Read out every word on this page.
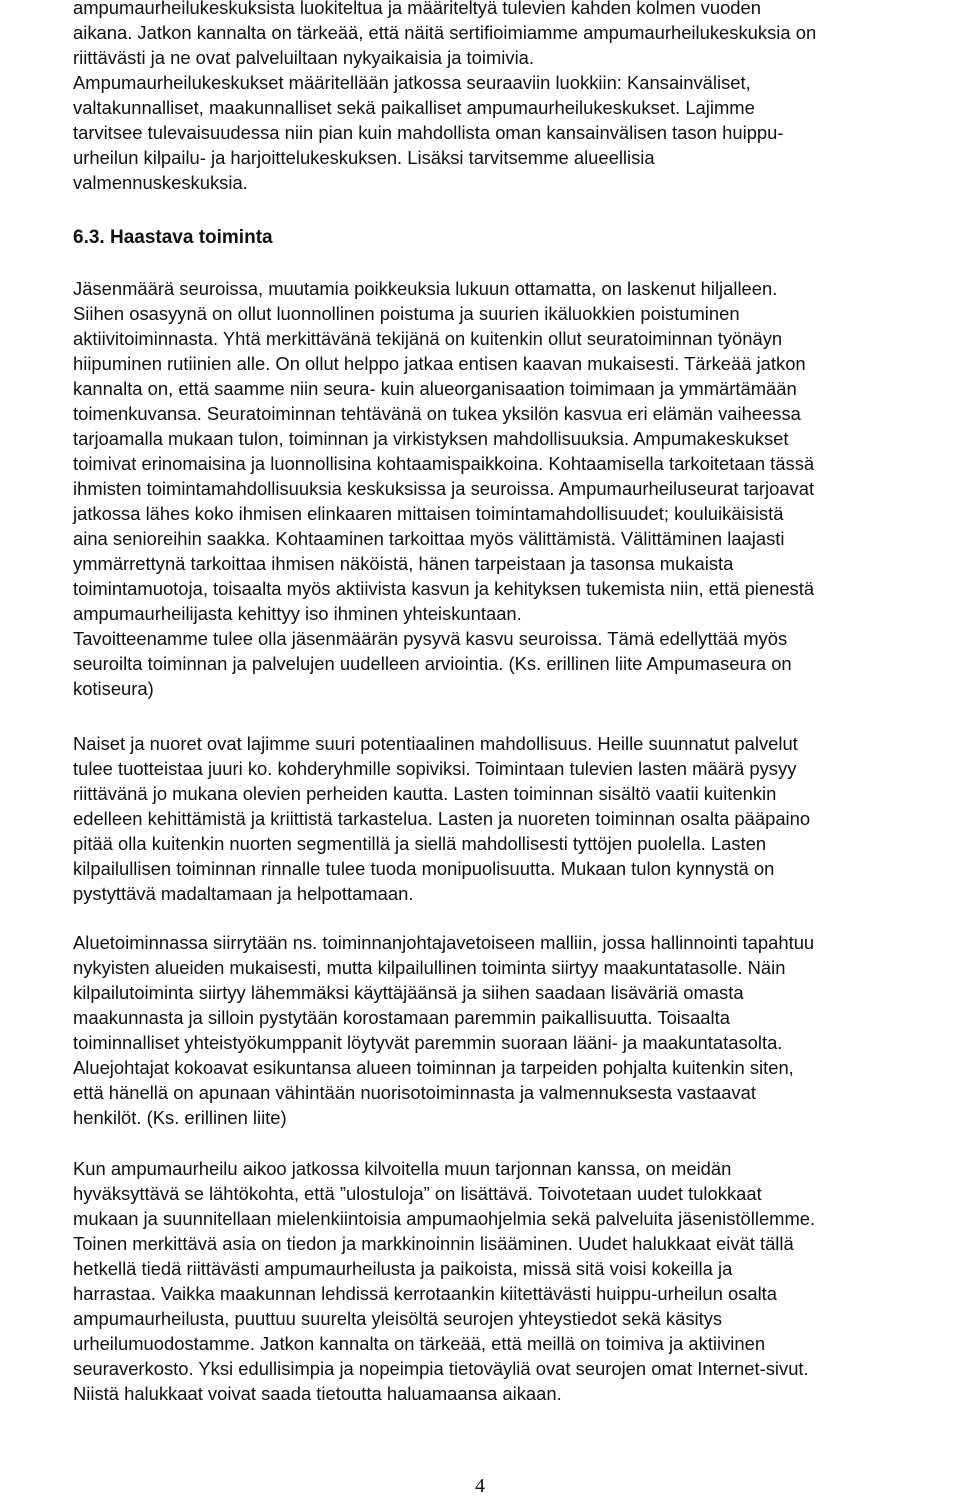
ampumaurheilukeskuksista luokiteltua ja määriteltyä tulevien kahden kolmen vuoden
aikana. Jatkon kannalta on tärkeää, että näitä sertifioimiamme ampumaurheilukeskuksia on
riittävästi ja ne ovat palveluiltaan nykyaikaisia ja toimivia.
Ampumaurheilukeskukset määritellään jatkossa seuraaviin luokkiin: Kansainväliset,
valtakunnalliset, maakunnalliset sekä paikalliset ampumaurheilukeskukset. Lajimme
tarvitsee tulevaisuudessa niin pian kuin mahdollista oman kansainvälisen tason huippu-
urheilun kilpailu- ja harjoittelukeskuksen. Lisäksi tarvitsemme alueellisia
valmennuskeskuksia.
6.3. Haastava toiminta
Jäsenmäärä seuroissa, muutamia poikkeuksia lukuun ottamatta, on laskenut hiljalleen.
Siihen osasyynä on ollut luonnollinen poistuma ja suurien ikäluokkien poistuminen
aktiivitoiminnasta. Yhtä merkittävänä tekijänä on kuitenkin ollut seuratoiminnan työnäyn
hiipuminen rutiinien alle. On ollut helppo jatkaa entisen kaavan mukaisesti. Tärkeää jatkon
kannalta on, että saamme niin seura- kuin alueorganisaation toimimaan ja ymmärtämään
toimenkuvansa. Seuratoiminnan tehtävänä on tukea yksilön kasvua eri elämän vaiheessa
tarjoamalla mukaan tulon, toiminnan ja virkistyksen mahdollisuuksia. Ampumakeskukset
toimivat erinomaisina ja luonnollisina kohtaamispaikkoina. Kohtaamisella tarkoitetaan tässä
ihmisten toimintamahdollisuuksia keskuksissa ja seuroissa. Ampumaurheiluseurat tarjoavat
jatkossa lähes koko ihmisen elinkaaren mittaisen toimintamahdollisuudet; kouluikäisistä
aina senioreihin saakka. Kohtaaminen tarkoittaa myös välittämistä. Välittäminen laajasti
ymmärrettynä tarkoittaa ihmisen näköistä, hänen tarpeistaan ja tasonsa mukaista
toimintamuotoja, toisaalta myös aktiivista kasvun ja kehityksen tukemista niin, että pienestä
ampumaurheilijasta kehittyy iso ihminen yhteiskuntaan.
Tavoitteenamme tulee olla jäsenmäärän pysyvä kasvu seuroissa. Tämä edellyttää myös
seuroilta toiminnan ja palvelujen uudelleen arviointia. (Ks. erillinen liite Ampumaseura on
kotiseura)
Naiset ja nuoret ovat lajimme suuri potentiaalinen mahdollisuus. Heille suunnatut palvelut
tulee tuotteistaa juuri ko. kohderyhmille sopiviksi. Toimintaan tulevien lasten määrä pysyy
riittävänä jo mukana olevien perheiden kautta. Lasten toiminnan sisältö vaatii kuitenkin
edelleen kehittämistä ja kriittistä tarkastelua. Lasten ja nuoreten toiminnan osalta pääpaino
pitää olla kuitenkin nuorten segmentillä ja siellä mahdollisesti tyttöjen puolella. Lasten
kilpailullisen toiminnan rinnalle tulee tuoda monipuolisuutta. Mukaan tulon kynnystä on
pystyttävä madaltamaan ja helpottamaan.
Aluetoiminnassa siirrytään ns. toiminnanjohtajavetoiseen malliin, jossa hallinnointi tapahtuu
nykyisten alueiden mukaisesti, mutta kilpailullinen toiminta siirtyy maakuntatasolle. Näin
kilpailutoiminta siirtyy lähemmäksi käyttäjäänsä ja siihen saadaan lisäväriä omasta
maakunnasta ja silloin pystytään korostamaan paremmin paikallisuutta. Toisaalta
toiminnalliset yhteistyökumppanit löytyvät paremmin suoraan lääni- ja maakuntatasolta.
Aluejohtajat kokoavat esikuntansa alueen toiminnan ja tarpeiden pohjalta kuitenkin siten,
että hänellä on apunaan vähintään nuorisotoiminnasta ja valmennuksesta vastaavat
henkilöt. (Ks. erillinen liite)
Kun ampumaurheilu aikoo jatkossa kilvoitella muun tarjonnan kanssa, on meidän
hyväksyttävä se lähtökohta, että ”ulostuloja” on lisättävä. Toivotetaan uudet tulokkaat
mukaan ja suunnitellaan mielenkiintoisia ampumaohjelmia sekä palveluita jäsenistöllemme.
Toinen merkittävä asia on tiedon ja markkinoinnin lisääminen. Uudet halukkaat eivät tällä
hetkellä tiedä riittävästi ampumaurheilusta ja paikoista, missä sitä voisi kokeilla ja
harrastaa. Vaikka maakunnan lehdissä kerrotaankin kiitettävästi huippu-urheilun osalta
ampumaurheilusta, puuttuu suurelta yleisöltä seurojen yhteystiedot sekä käsitys
urheilumuodostamme. Jatkon kannalta on tärkeää, että meillä on toimiva ja aktiivinen
seuraverkosto. Yksi edullisimpia ja nopeimpia tietoväyliä ovat seurojen omat Internet-sivut.
Niistä halukkaat voivat saada tietoutta haluamaansa aikaan.
4
